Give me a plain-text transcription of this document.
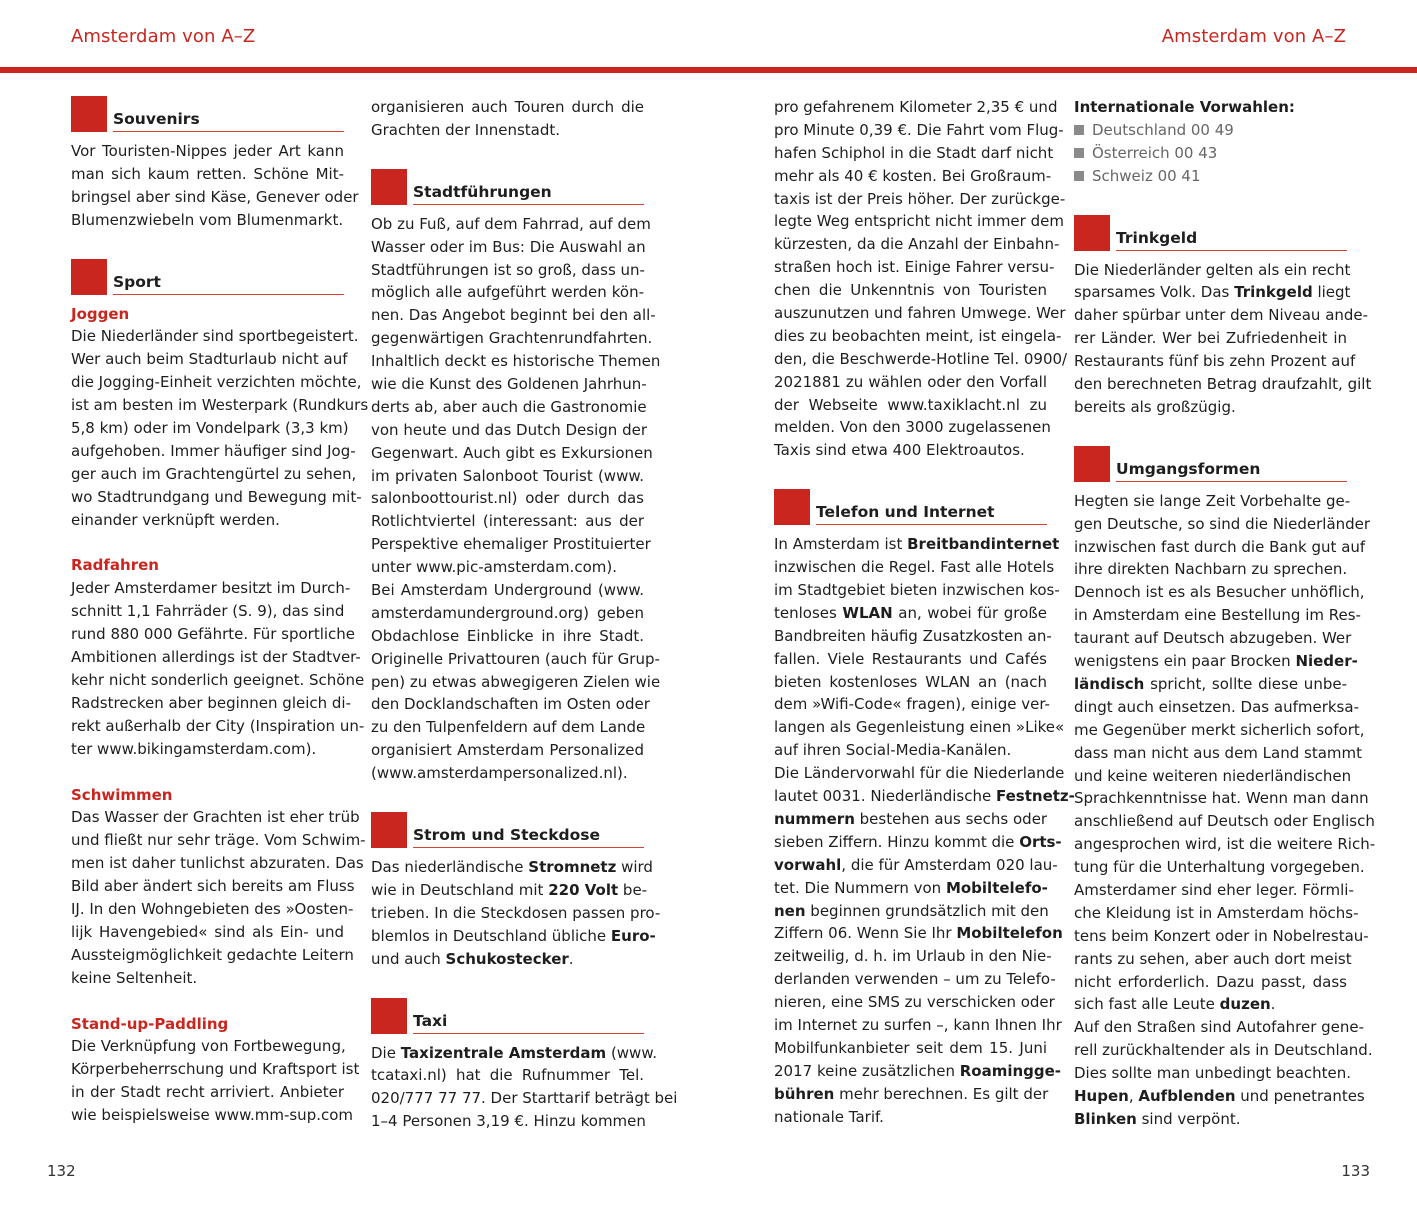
Amsterdam von A–Z	Amsterdam von A–Z
Souvenirs
Vor Touristen-Nippes jeder Art kann
man sich kaum retten. Schöne Mit-
bringsel aber sind Käse, Genever oder
Blumenzwiebeln vom Blumenmarkt.
Sport
Joggen
Die Niederländer sind sportbegeistert.
Wer auch beim Stadturlaub nicht auf
die Jogging-Einheit verzichten möchte,
ist am besten im Westerpark (Rundkurs
5,8 km) oder im Vondelpark (3,3 km)
aufgehoben. Immer häufiger sind Jog-
ger auch im Grachtengürtel zu sehen,
wo Stadtrundgang und Bewegung mit-
einander verknüpft werden.
Radfahren
Jeder Amsterdamer besitzt im Durch-
schnitt 1,1 Fahrräder (S. 9), das sind
rund 880 000 Gefährte. Für sportliche
Ambitionen allerdings ist der Stadtver-
kehr nicht sonderlich geeignet. Schöne
Radstrecken aber beginnen gleich di-
rekt außerhalb der City (Inspiration un-
ter www.bikingamsterdam.com).
Schwimmen
Das Wasser der Grachten ist eher trüb
und fließt nur sehr träge. Vom Schwim-
men ist daher tunlichst abzuraten. Das
Bild aber ändert sich bereits am Fluss
IJ. In den Wohngebieten des »Oosten-
lijk Havengebied« sind als Ein- und
Aussteigmöglichkeit gedachte Leitern
keine Seltenheit.
Stand-up-Paddling
Die Verknüpfung von Fortbewegung,
Körperbeherrschung und Kraftsport ist
in der Stadt recht arriviert. Anbieter
wie beispielsweise www.mm-sup.com
organisieren auch Touren durch die
Grachten der Innenstadt.
Stadtführungen
Ob zu Fuß, auf dem Fahrrad, auf dem
Wasser oder im Bus: Die Auswahl an
Stadtführungen ist so groß, dass un-
möglich alle aufgeführt werden kön-
nen. Das Angebot beginnt bei den all-
gegenwärtigen Grachtenrundfahrten.
Inhaltlich deckt es historische Themen
wie die Kunst des Goldenen Jahrhun-
derts ab, aber auch die Gastronomie
von heute und das Dutch Design der
Gegenwart. Auch gibt es Exkursionen
im privaten Salonboot Tourist (www.
salonboottourist.nl) oder durch das
Rotlichtviertel (interessant: aus der
Perspektive ehemaliger Prostituierter
unter www.pic-amsterdam.com).
Bei Amsterdam Underground (www.
amsterdamunderground.org) geben
Obdachlose Einblicke in ihre Stadt.
Originelle Privattouren (auch für Grup-
pen) zu etwas abwegigeren Zielen wie
den Docklandschaften im Osten oder
zu den Tulpenfeldern auf dem Lande
organisiert Amsterdam Personalized
(www.amsterdampersonalized.nl).
Strom und Steckdose
Das niederländische Stromnetz wird
wie in Deutschland mit 220 Volt be-
trieben. In die Steckdosen passen pro-
blemlos in Deutschland übliche Euro-
und auch Schukostecker.
Taxi
Die Taxizentrale Amsterdam (www.
tcataxi.nl) hat die Rufnummer Tel.
020/777 77 77. Der Starttarif beträgt bei
1–4 Personen 3,19 €. Hinzu kommen
pro gefahrenem Kilometer 2,35 € und
pro Minute 0,39 €. Die Fahrt vom Flug-
hafen Schiphol in die Stadt darf nicht
mehr als 40 € kosten. Bei Großraum-
taxis ist der Preis höher. Der zurückge-
legte Weg entspricht nicht immer dem
kürzesten, da die Anzahl der Einbahn-
straßen hoch ist. Einige Fahrer versu-
chen die Unkenntnis von Touristen
auszunutzen und fahren Umwege. Wer
dies zu beobachten meint, ist eingela-
den, die Beschwerde-Hotline Tel. 0900/
2021881 zu wählen oder den Vorfall
der Webseite www.taxiklacht.nl zu
melden. Von den 3000 zugelassenen
Taxis sind etwa 400 Elektroautos.
Telefon und Internet
In Amsterdam ist Breitbandinternet
inzwischen die Regel. Fast alle Hotels
im Stadtgebiet bieten inzwischen kos-
tenloses WLAN an, wobei für große
Bandbreiten häufig Zusatzkosten an-
fallen. Viele Restaurants und Cafés
bieten kostenloses WLAN an (nach
dem »Wifi-Code« fragen), einige ver-
langen als Gegenleistung einen »Like«
auf ihren Social-Media-Kanälen.
Die Ländervorwahl für die Niederlande
lautet 0031. Niederländische Festnetz-
nummern bestehen aus sechs oder
sieben Ziffern. Hinzu kommt die Orts-
vorwahl, die für Amsterdam 020 lau-
tet. Die Nummern von Mobiltelefo-
nen beginnen grundsätzlich mit den
Ziffern 06. Wenn Sie Ihr Mobiltelefon
zeitweilig, d. h. im Urlaub in den Nie-
derlanden verwenden – um zu Telefo-
nieren, eine SMS zu verschicken oder
im Internet zu surfen –, kann Ihnen Ihr
Mobilfunkanbieter seit dem 15. Juni
2017 keine zusätzlichen Roamingge-
bühren mehr berechnen. Es gilt der
nationale Tarif.
Internationale Vorwahlen:
Deutschland 00 49
Österreich 00 43
Schweiz 00 41
Trinkgeld
Die Niederländer gelten als ein recht
sparsames Volk. Das Trinkgeld liegt
daher spürbar unter dem Niveau ande-
rer Länder. Wer bei Zufriedenheit in
Restaurants fünf bis zehn Prozent auf
den berechneten Betrag draufzahlt, gilt
bereits als großzügig.
Umgangsformen
Hegten sie lange Zeit Vorbehalte ge-
gen Deutsche, so sind die Niederländer
inzwischen fast durch die Bank gut auf
ihre direkten Nachbarn zu sprechen.
Dennoch ist es als Besucher unhöflich,
in Amsterdam eine Bestellung im Res-
taurant auf Deutsch abzugeben. Wer
wenigstens ein paar Brocken Nieder-
ländisch spricht, sollte diese unbe-
dingt auch einsetzen. Das aufmerksa-
me Gegenüber merkt sicherlich sofort,
dass man nicht aus dem Land stammt
und keine weiteren niederländischen
Sprachkenntnisse hat. Wenn man dann
anschließend auf Deutsch oder Englisch
angesprochen wird, ist die weitere Rich-
tung für die Unterhaltung vorgegeben.
Amsterdamer sind eher leger. Förmli-
che Kleidung ist in Amsterdam höchs-
tens beim Konzert oder in Nobelrestau-
rants zu sehen, aber auch dort meist
nicht erforderlich. Dazu passt, dass
sich fast alle Leute duzen.
Auf den Straßen sind Autofahrer gene-
rell zurückhaltender als in Deutschland.
Dies sollte man unbedingt beachten.
Hupen, Aufblenden und penetrantes
Blinken sind verpönt.
132	133
